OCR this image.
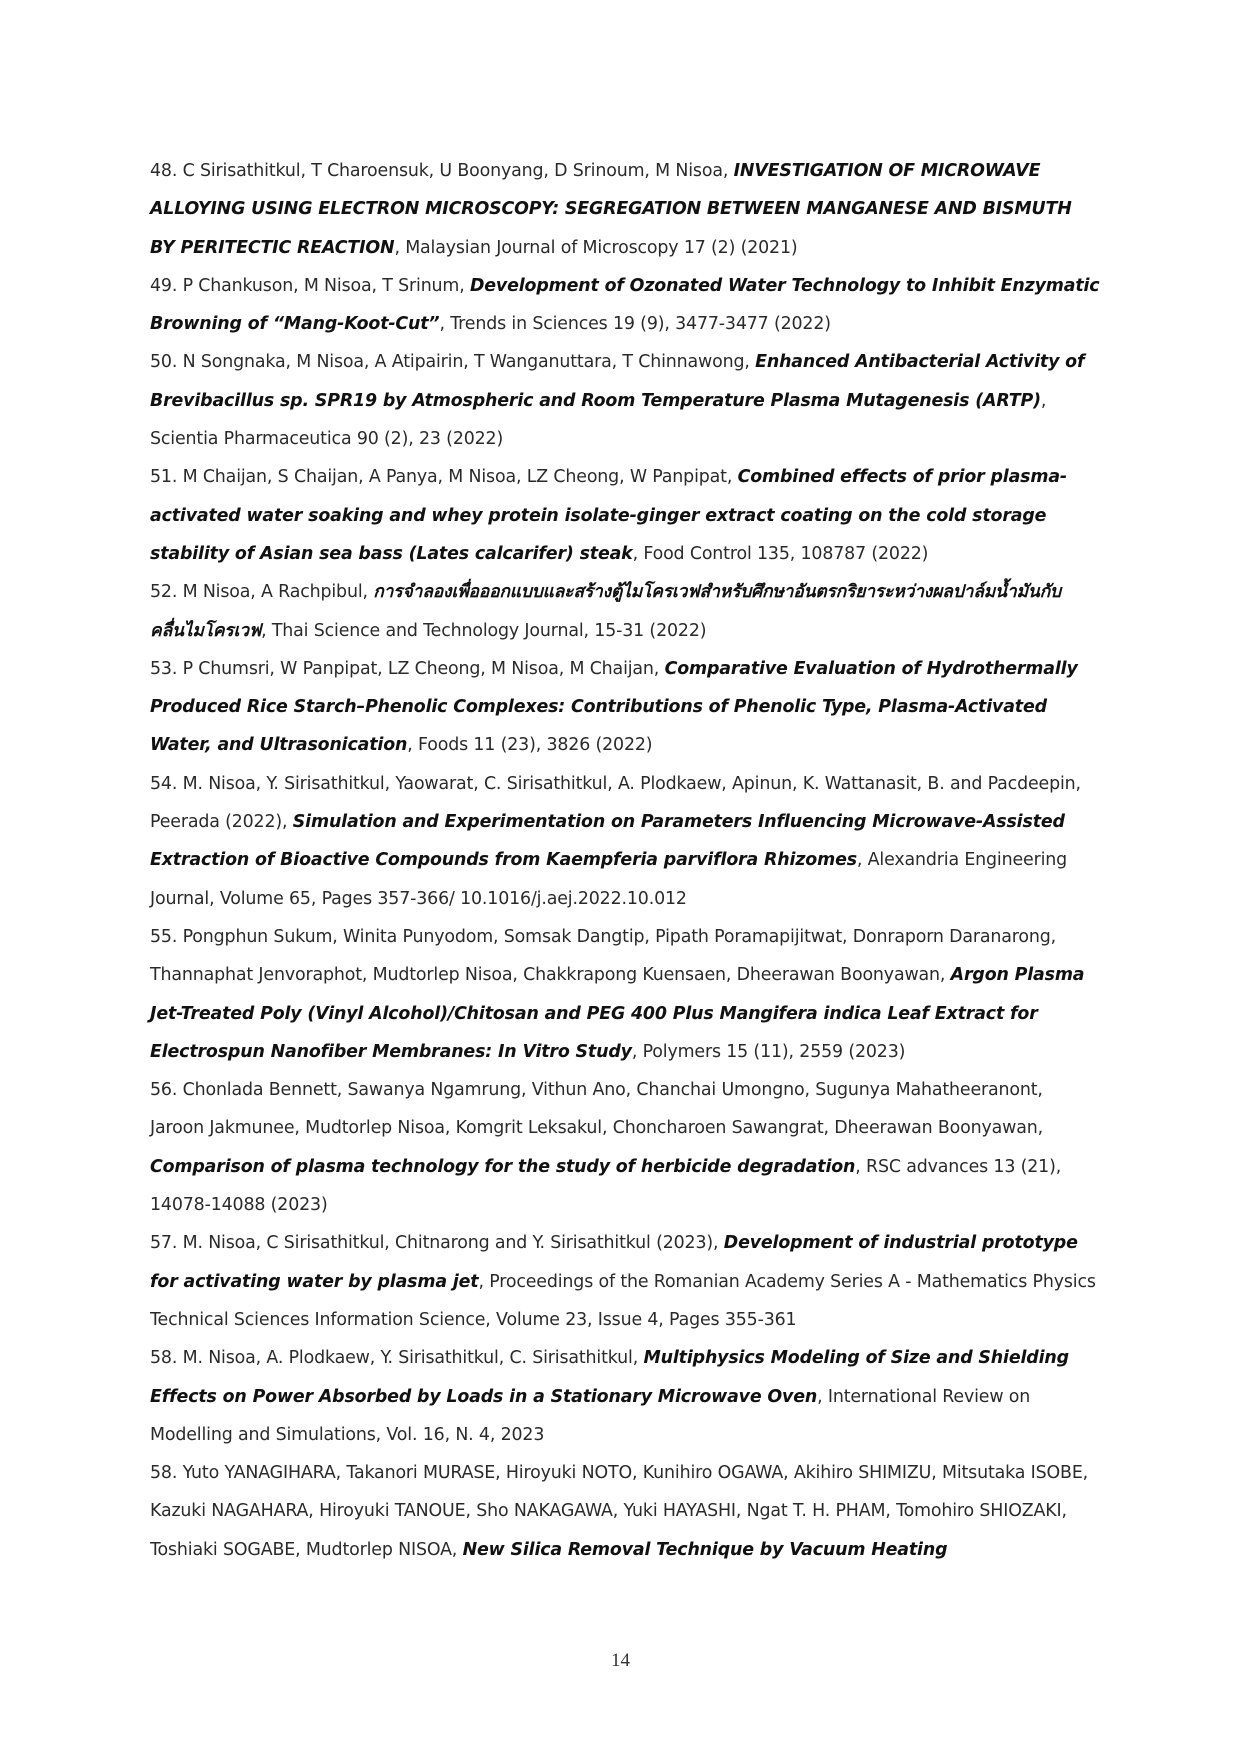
48. C Sirisathitkul, T Charoensuk, U Boonyang, D Srinoum, M Nisoa, INVESTIGATION OF MICROWAVE ALLOYING USING ELECTRON MICROSCOPY: SEGREGATION BETWEEN MANGANESE AND BISMUTH BY PERITECTIC REACTION, Malaysian Journal of Microscopy 17 (2) (2021)

49. P Chankuson, M Nisoa, T Srinum, Development of Ozonated Water Technology to Inhibit Enzymatic Browning of “Mang-Koot-Cut”, Trends in Sciences 19 (9), 3477-3477 (2022)

50. N Songnaka, M Nisoa, A Atipairin, T Wanganuttara, T Chinnawong, Enhanced Antibacterial Activity of Brevibacillus sp. SPR19 by Atmospheric and Room Temperature Plasma Mutagenesis (ARTP), Scientia Pharmaceutica 90 (2), 23 (2022)

51. M Chaijan, S Chaijan, A Panya, M Nisoa, LZ Cheong, W Panpipat, Combined effects of prior plasma-activated water soaking and whey protein isolate-ginger extract coating on the cold storage stability of Asian sea bass (Lates calcarifer) steak, Food Control 135, 108787 (2022)

52. M Nisoa, A Rachpibul, การจำลองเพื่อออกแบบและสร้างตู้ไมโครเวฟสำหรับศึกษาอันตรกริยาระหว่างผลปาล์มน้ำมันกับ คลื่นไมโครเวฟ, Thai Science and Technology Journal, 15-31 (2022)

53. P Chumsri, W Panpipat, LZ Cheong, M Nisoa, M Chaijan, Comparative Evaluation of Hydrothermally Produced Rice Starch–Phenolic Complexes: Contributions of Phenolic Type, Plasma-Activated Water, and Ultrasonication, Foods 11 (23), 3826 (2022)

54. M. Nisoa, Y. Sirisathitkul, Yaowarat, C. Sirisathitkul, A. Plodkaew, Apinun, K. Wattanasit, B. and Pacdeepin, Peerada (2022), Simulation and Experimentation on Parameters Influencing Microwave-Assisted Extraction of Bioactive Compounds from Kaempferia parviflora Rhizomes, Alexandria Engineering Journal, Volume 65, Pages 357-366/ 10.1016/j.aej.2022.10.012

55. Pongphun Sukum, Winita Punyodom, Somsak Dangtip, Pipath Poramapijitwat, Donraporn Daranarong, Thannaphat Jenvoraphot, Mudtorlep Nisoa, Chakkrapong Kuensaen, Dheerawan Boonyawan, Argon Plasma Jet-Treated Poly (Vinyl Alcohol)/Chitosan and PEG 400 Plus Mangifera indica Leaf Extract for Electrospun Nanofiber Membranes: In Vitro Study, Polymers 15 (11), 2559 (2023)

56. Chonlada Bennett, Sawanya Ngamrung, Vithun Ano, Chanchai Umongno, Sugunya Mahatheeranont, Jaroon Jakmunee, Mudtorlep Nisoa, Komgrit Leksakul, Choncharoen Sawangrat, Dheerawan Boonyawan, Comparison of plasma technology for the study of herbicide degradation, RSC advances 13 (21), 14078-14088 (2023)

57. M. Nisoa, C Sirisathitkul, Chitnarong and Y. Sirisathitkul (2023), Development of industrial prototype for activating water by plasma jet, Proceedings of the Romanian Academy Series A - Mathematics Physics Technical Sciences Information Science, Volume 23, Issue 4, Pages 355-361

58. M. Nisoa, A. Plodkaew, Y. Sirisathitkul, C. Sirisathitkul, Multiphysics Modeling of Size and Shielding Effects on Power Absorbed by Loads in a Stationary Microwave Oven, International Review on Modelling and Simulations, Vol. 16, N. 4, 2023

58. Yuto YANAGIHARA, Takanori MURASE, Hiroyuki NOTO, Kunihiro OGAWA, Akihiro SHIMIZU, Mitsutaka ISOBE, Kazuki NAGAHARA, Hiroyuki TANOUE, Sho NAKAGAWA, Yuki HAYASHI, Ngat T. H. PHAM, Tomohiro SHIOZAKI, Toshiaki SOGABE, Mudtorlep NISOA, New Silica Removal Technique by Vacuum Heating

14
